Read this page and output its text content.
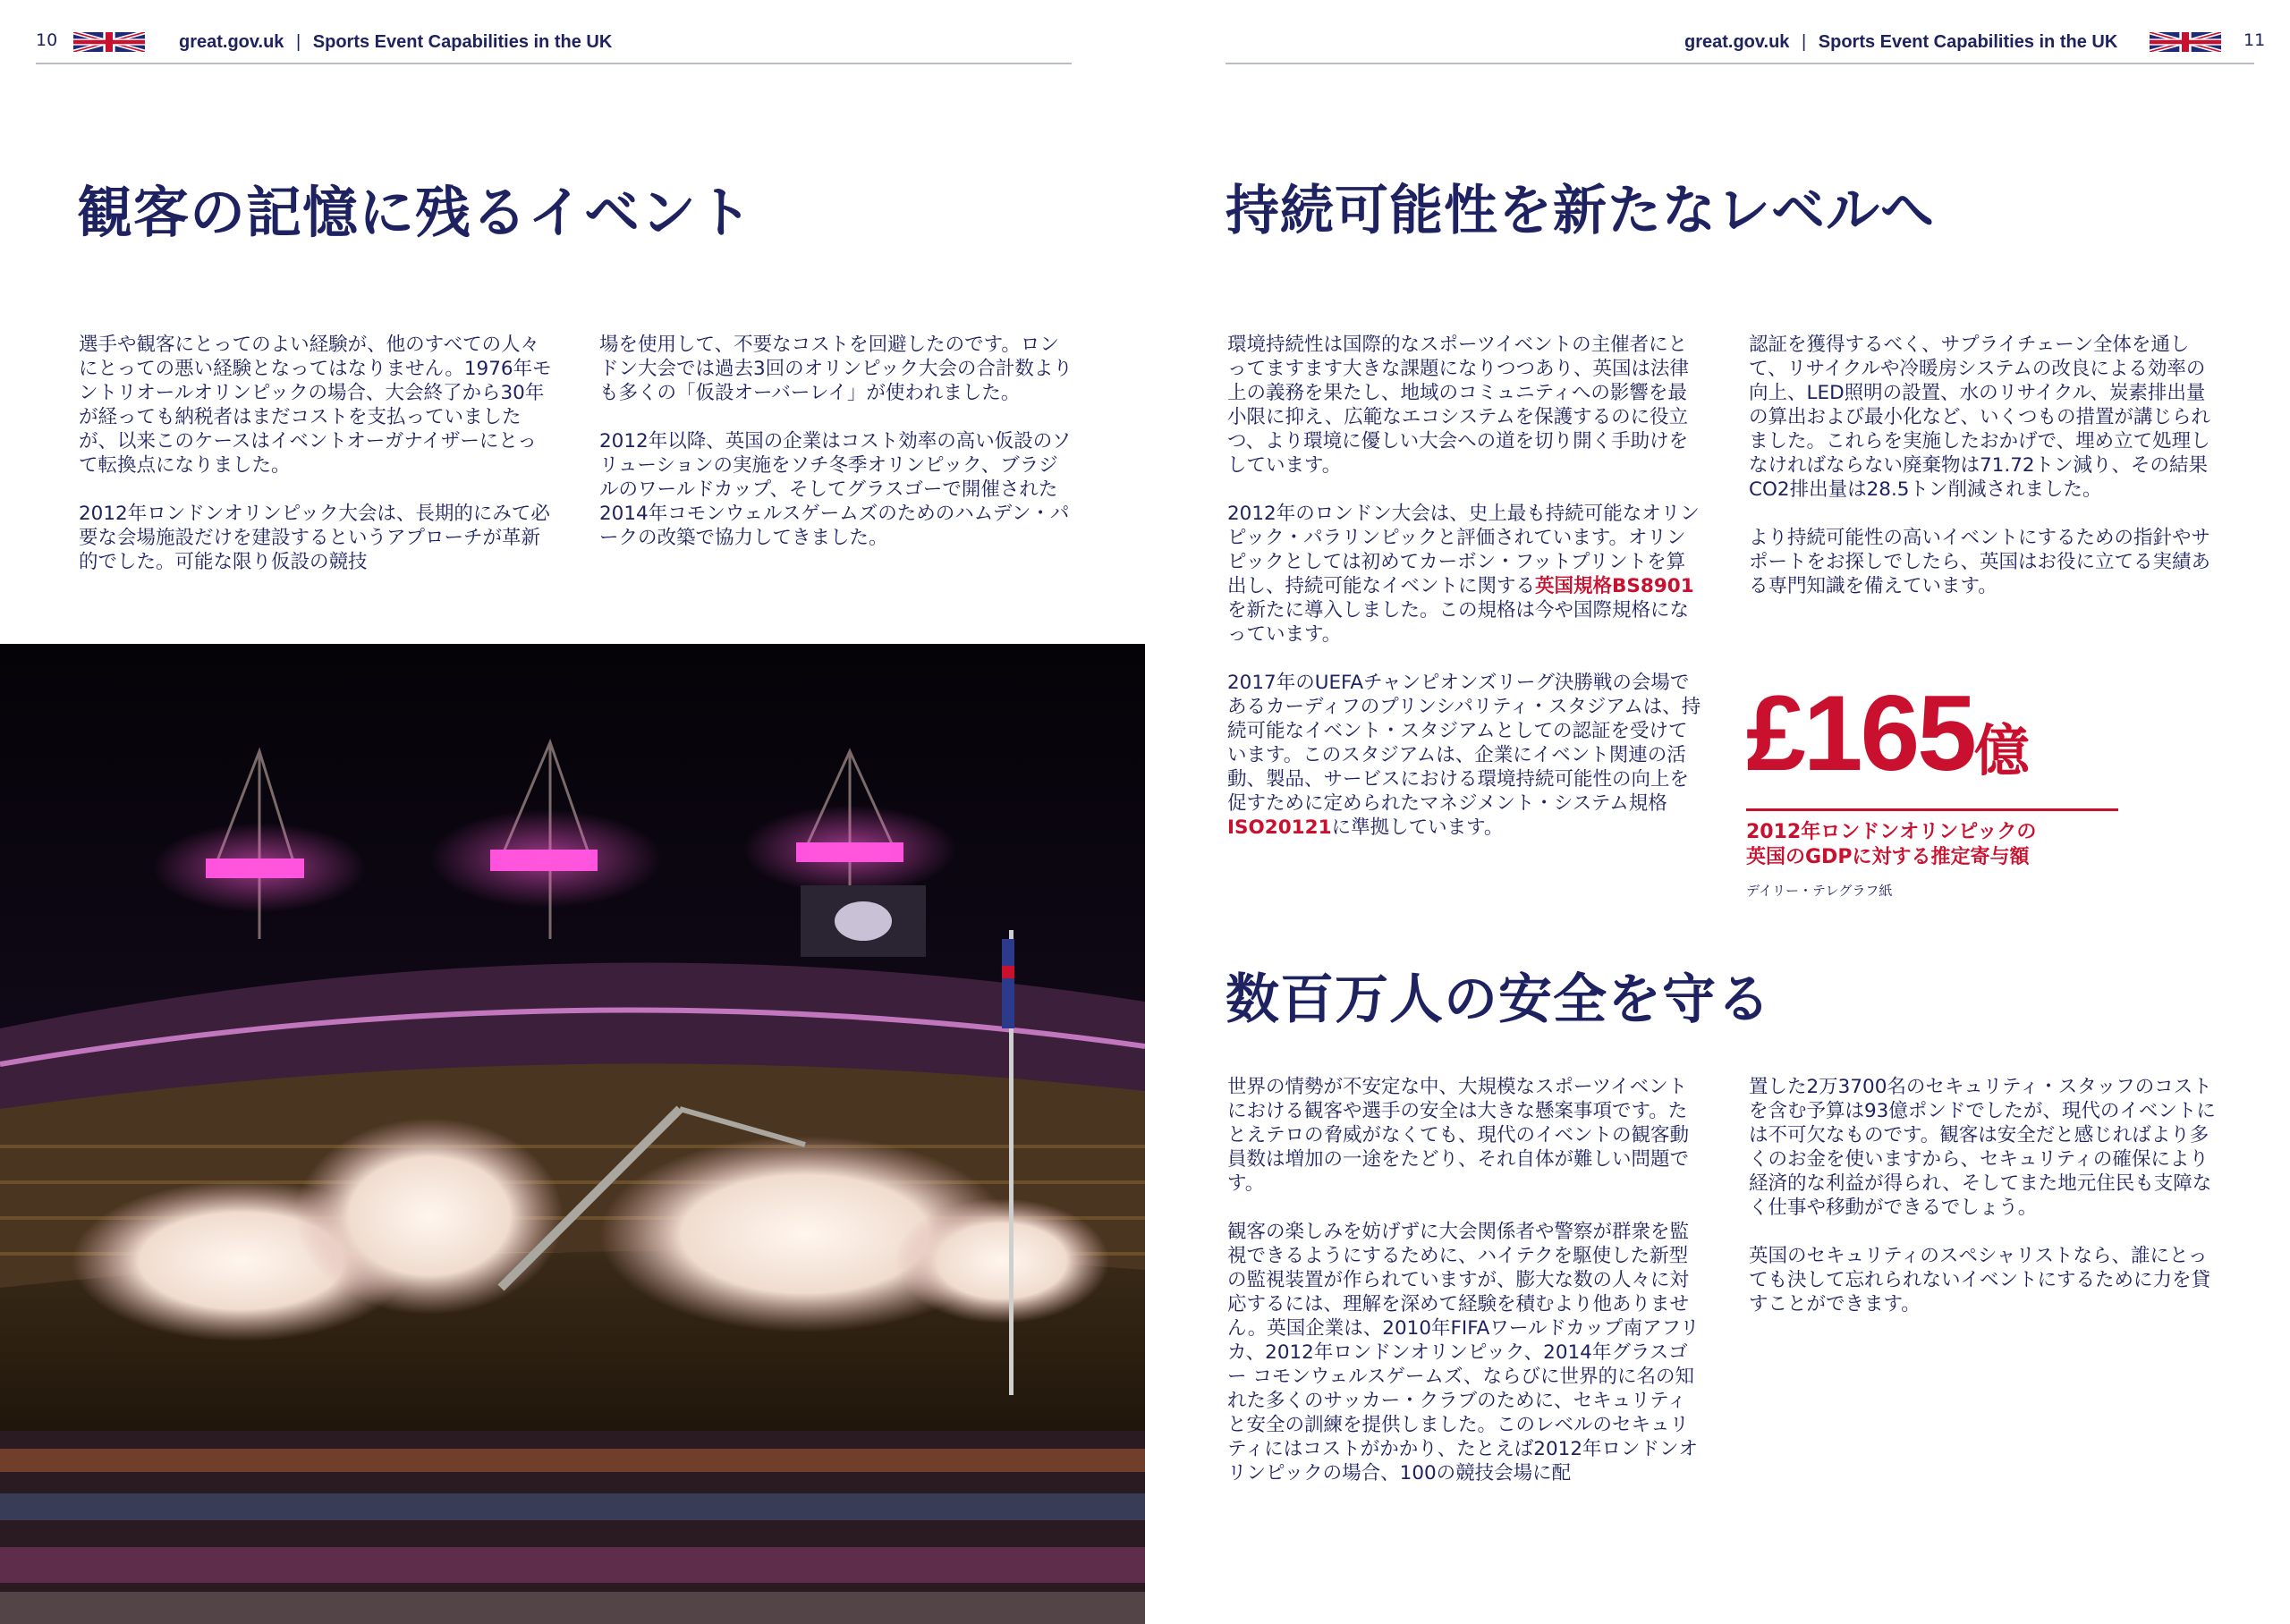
10	great.gov.uk | Sports Event Capabilities in the UK	great.gov.uk | Sports Event Capabilities in the UK	11
観客の記憶に残るイベント

選手や観客にとってのよい経験が、他のすべての人々にとっての悪い経験となってはなりません。1976年モントリオールオリンピックの場合、大会終了から30年が経っても納税者はまだコストを支払っていましたが、以来このケースはイベントオーガナイザーにとって転換点になりました。

2012年ロンドンオリンピック大会は、長期的にみて必要な会場施設だけを建設するというアプローチが革新的でした。可能な限り仮設の競技

場を使用して、不要なコストを回避したのです。ロンドン大会では過去3回のオリンピック大会の合計数よりも多くの「仮設オーバーレイ」が使われました。

2012年以降、英国の企業はコスト効率の高い仮設のソリューションの実施をソチ冬季オリンピック、ブラジルのワールドカップ、そしてグラスゴーで開催された2014年コモンウェルスゲームズのためのハムデン・パークの改築で協力してきました。

持続可能性を新たなレベルへ

環境持続性は国際的なスポーツイベントの主催者にとってますます大きな課題になりつつあり、英国は法律上の義務を果たし、地域のコミュニティへの影響を最小限に抑え、広範なエコシステムを保護するのに役立つ、より環境に優しい大会への道を切り開く手助けをしています。

2012年のロンドン大会は、史上最も持続可能なオリンピック・パラリンピックと評価されています。オリンピックとしては初めてカーボン・フットプリントを算出し、持続可能なイベントに関する英国規格BS8901を新たに導入しました。この規格は今や国際規格になっています。

2017年のUEFAチャンピオンズリーグ決勝戦の会場であるカーディフのプリンシパリティ・スタジアムは、持続可能なイベント・スタジアムとしての認証を受けています。このスタジアムは、企業にイベント関連の活動、製品、サービスにおける環境持続可能性の向上を促すために定められたマネジメント・システム規格ISO20121に準拠しています。

認証を獲得するべく、サプライチェーン全体を通して、リサイクルや冷暖房システムの改良による効率の向上、LED照明の設置、水のリサイクル、炭素排出量の算出および最小化など、いくつもの措置が講じられました。これらを実施したおかげで、埋め立て処理しなければならない廃棄物は71.72トン減り、その結果CO2排出量は28.5トン削減されました。

より持続可能性の高いイベントにするための指針やサポートをお探しでしたら、英国はお役に立てる実績ある専門知識を備えています。

£165億
2012年ロンドンオリンピックの英国のGDPに対する推定寄与額
デイリー・テレグラフ紙
数百万人の安全を守る

世界の情勢が不安定な中、大規模なスポーツイベントにおける観客や選手の安全は大きな懸案事項です。たとえテロの脅威がなくても、現代のイベントの観客動員数は増加の一途をたどり、それ自体が難しい問題です。

観客の楽しみを妨げずに大会関係者や警察が群衆を監視できるようにするために、ハイテクを駆使した新型の監視装置が作られていますが、膨大な数の人々に対応するには、理解を深めて経験を積むより他ありません。英国企業は、2010年FIFAワールドカップ南アフリカ、2012年ロンドンオリンピック、2014年グラスゴー コモンウェルスゲームズ、ならびに世界的に名の知れた多くのサッカー・クラブのために、セキュリティと安全の訓練を提供しました。このレベルのセキュリティにはコストがかかり、たとえば2012年ロンドンオリンピックの場合、100の競技会場に配

置した2万3700名のセキュリティ・スタッフのコストを含む予算は93億ポンドでしたが、現代のイベントには不可欠なものです。観客は安全だと感じればより多くのお金を使いますから、セキュリティの確保により経済的な利益が得られ、そしてまた地元住民も支障なく仕事や移動ができるでしょう。

英国のセキュリティのスペシャリストなら、誰にとっても決して忘れられないイベントにするために力を貸すことができます。
